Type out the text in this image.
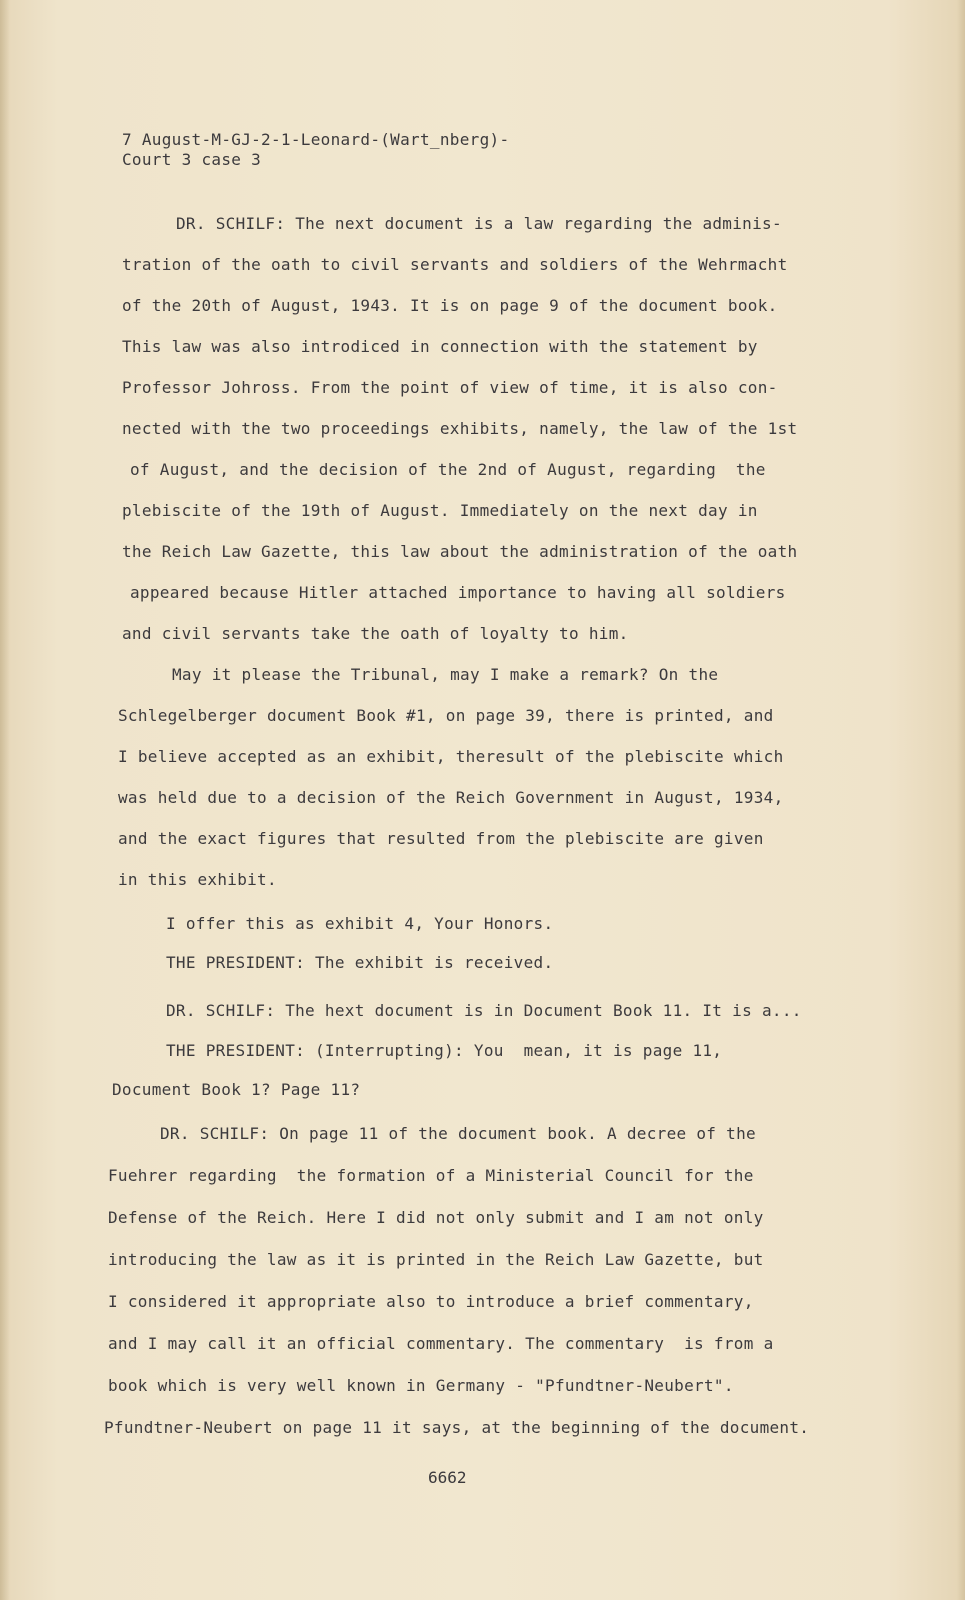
7 August-M-GJ-2-1-Leonard-(Wart_nberg)-
Court 3 case 3
DR. SCHILF: The next document is a law regarding the adminis-
tration of the oath to civil servants and soldiers of the Wehrmacht
of the 20th of August, 1943. It is on page 9 of the document book.
This law was also introdiced in connection with the statement by
Professor Johross. From the point of view of time, it is also con-
nected with the two proceedings exhibits, namely, the law of the 1st
of August, and the decision of the 2nd of August, regarding  the
plebiscite of the 19th of August. Immediately on the next day in
the Reich Law Gazette, this law about the administration of the oath
appeared because Hitler attached importance to having all soldiers
and civil servants take the oath of loyalty to him.
May it please the Tribunal, may I make a remark? On the
Schlegelberger document Book #1, on page 39, there is printed, and
I believe accepted as an exhibit, theresult of the plebiscite which
was held due to a decision of the Reich Government in August, 1934,
and the exact figures that resulted from the plebiscite are given
in this exhibit.
I offer this as exhibit 4, Your Honors.
THE PRESIDENT: The exhibit is received.
DR. SCHILF: The hext document is in Document Book 11. It is a...
THE PRESIDENT: (Interrupting): You  mean, it is page 11,
Document Book 1? Page 11?
DR. SCHILF: On page 11 of the document book. A decree of the
Fuehrer regarding  the formation of a Ministerial Council for the
Defense of the Reich. Here I did not only submit and I am not only
introducing the law as it is printed in the Reich Law Gazette, but
I considered it appropriate also to introduce a brief commentary,
and I may call it an official commentary. The commentary  is from a
book which is very well known in Germany - "Pfundtner-Neubert".
Pfundtner-Neubert on page 11 it says, at the beginning of the document.
6662
